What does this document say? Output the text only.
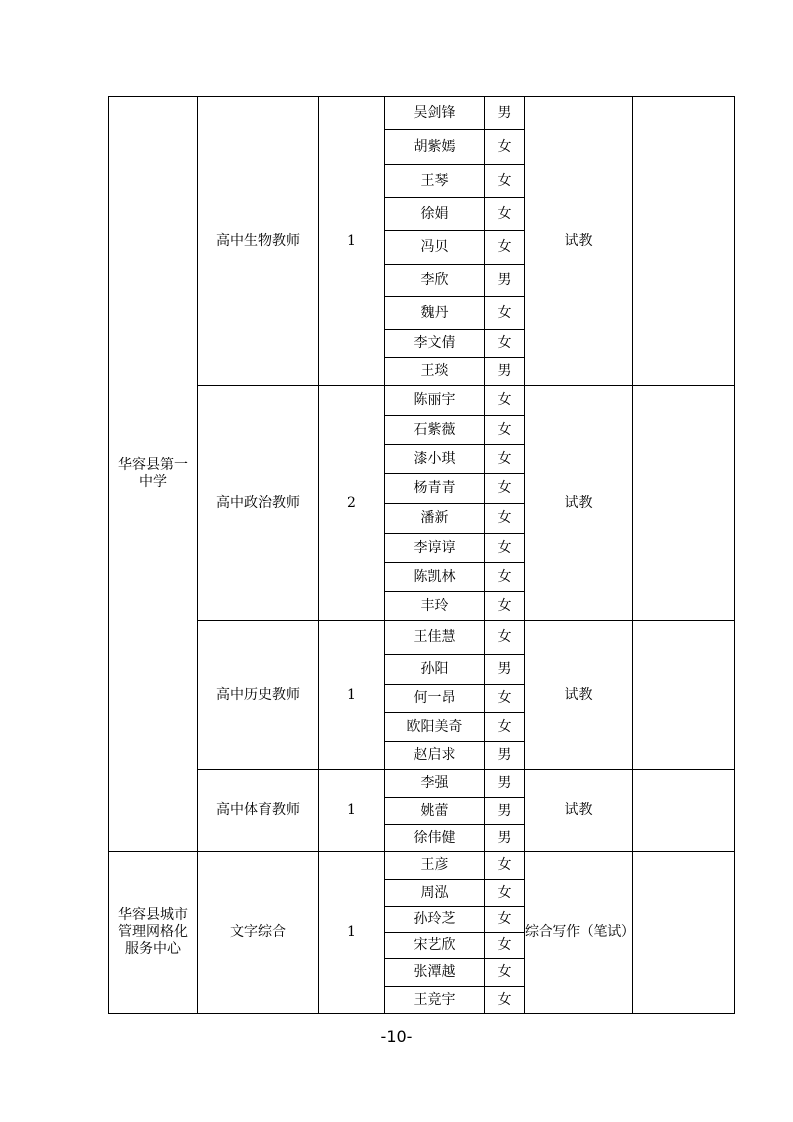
华容县第一中学	高中生物教师	1	吴剑锋	男	试教	
			胡紫嫣	女		
			王琴	女		
			徐娟	女		
			冯贝	女		
			李欣	男		
			魏丹	女		
			李文倩	女		
			王琰	男		
	高中政治教师	2	陈丽宇	女	试教	
			石紫薇	女		
			漆小琪	女		
			杨青青	女		
			潘新	女		
			李谆谆	女		
			陈凯林	女		
			丰玲	女		
	高中历史教师	1	王佳慧	女	试教	
			孙阳	男		
			何一昂	女		
			欧阳美奇	女		
			赵启求	男		
	高中体育教师	1	李强	男	试教	
			姚蕾	男		
			徐伟健	男		
华容县城市管理网格化服务中心	文字综合	1	王彦	女	综合写作（笔试）	
			周泓	女		
			孙玲芝	女		
			宋艺欣	女		
			张潭越	女		
			王竞宇	女		
-10-
